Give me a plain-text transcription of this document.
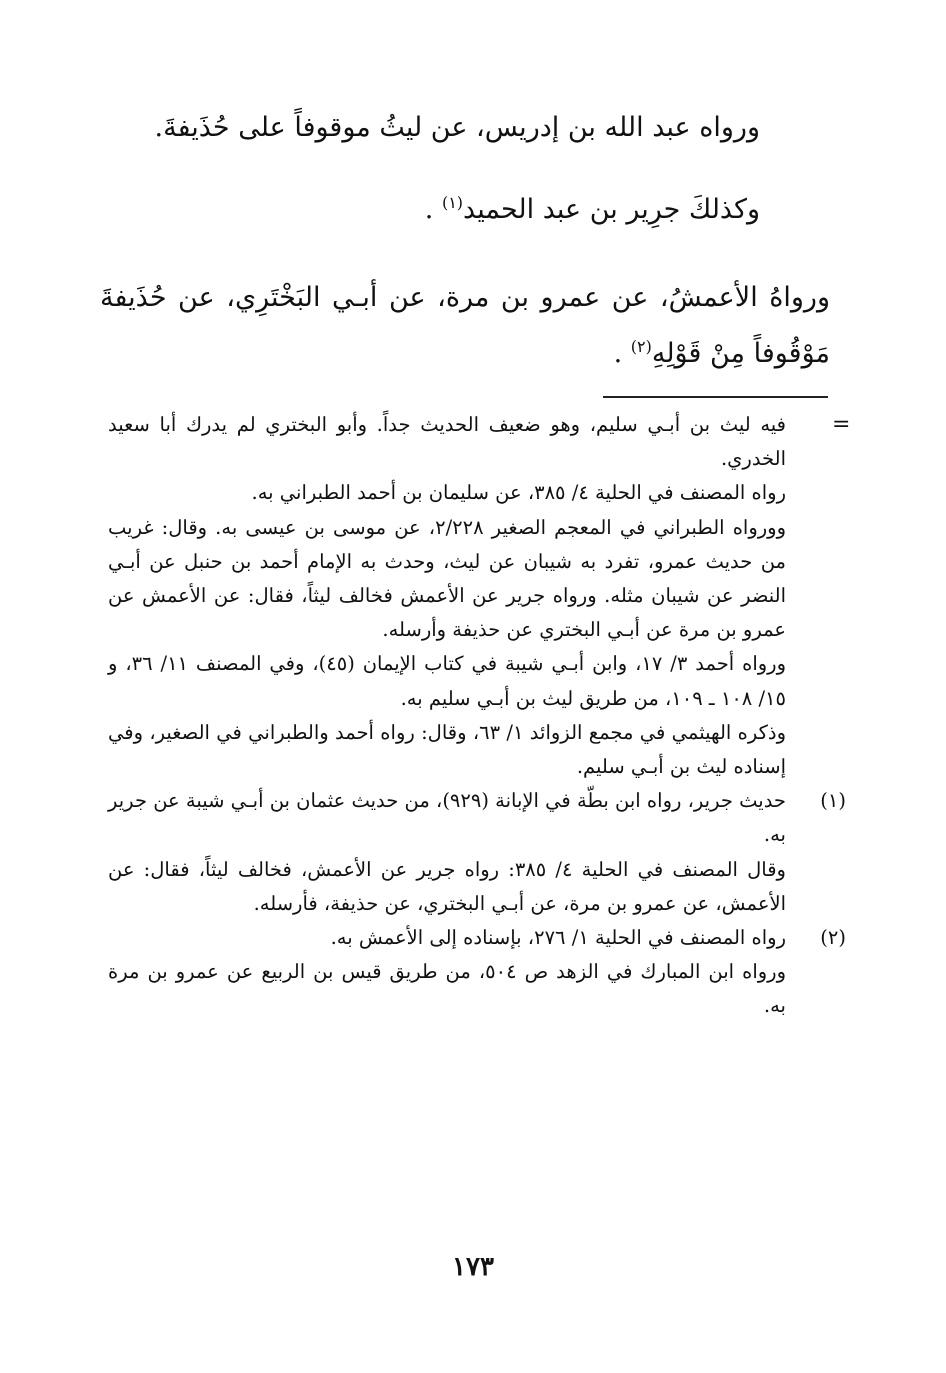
ورواه عبد الله بن إدريس، عن ليثُ موقوفاً على حُذَيفةَ.
وكذلكَ جرِير بن عبد الحميد$^{(١)}$ .
ورواهُ الأعمشُ، عن عمرو بن مرة، عن أبـي البَخْتَرِي، عن حُذَيفةَ مَوْقُوفاً مِنْ قَوْلِهِ$^{(٢)}$ .
=

فيه ليث بن أبـي سليم، وهو ضعيف الحديث جداً. وأبو البختري لم يدرك أبا سعيد الخدري.

رواه المصنف في الحلية ٤/ ٣٨٥، عن سليمان بن أحمد الطبراني به.

وورواه الطبراني في المعجم الصغير ٢/٢٢٨، عن موسى بن عيسى به. وقال: غريب من حديث عمرو، تفرد به شيبان عن ليث، وحدث به الإمام أحمد بن حنبل عن أبـي النضر عن شيبان مثله. ورواه جرير عن الأعمش فخالف ليثاً، فقال: عن الأعمش عن عمرو بن مرة عن أبـي البختري عن حذيفة وأرسله.

ورواه أحمد ٣/ ١٧، وابن أبـي شيبة في كتاب الإيمان (٤٥)، وفي المصنف ١١/ ٣٦، و ١٥/ ١٠٨ ـ ١٠٩، من طريق ليث بن أبـي سليم به.

وذكره الهيثمي في مجمع الزوائد ١/ ٦٣، وقال: رواه أحمد والطبراني في الصغير، وفي إسناده ليث بن أبـي سليم.

(١)

حديث جرير، رواه ابن بطّة في الإبانة (٩٢٩)، من حديث عثمان بن أبـي شيبة عن جرير به.

وقال المصنف في الحلية ٤/ ٣٨٥: رواه جرير عن الأعمش، فخالف ليثاً، فقال: عن الأعمش، عن عمرو بن مرة، عن أبـي البختري، عن حذيفة، فأرسله.

(٢)

رواه المصنف في الحلية ١/ ٢٧٦، بإسناده إلى الأعمش به.

ورواه ابن المبارك في الزهد ص ٥٠٤، من طريق قيس بن الربيع عن عمرو بن مرة به.

١٧٣
